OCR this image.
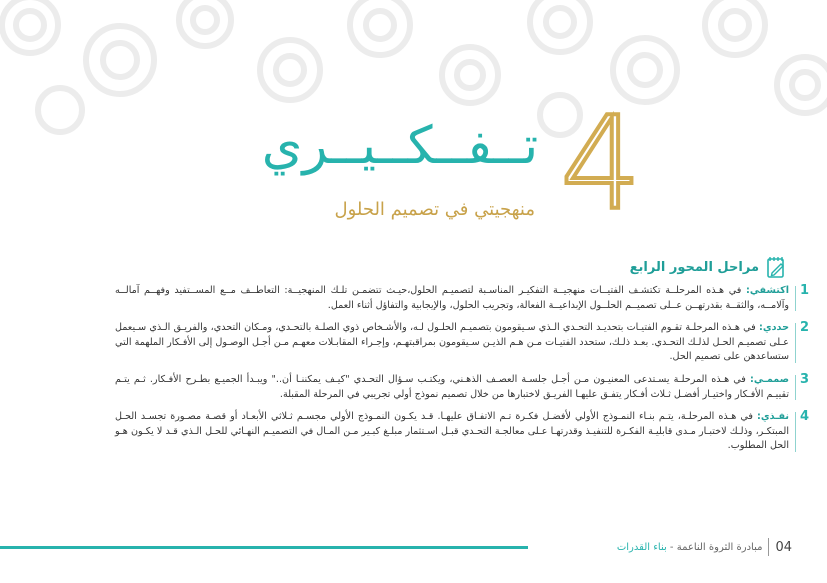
4
تــفــكــيــري
منهجيتي في تصميم الحلول
مراحل المحور الرابع
1
اكتشفي: في هـذه المرحلــة تكتشـف الفتيــات منهجيــة التفكيـر المناسـبة لتصميـم الحلول،حيـث تتضمـن تلـك المنهجيــة: التعاطــف مــع المســتفيد وفهــم آمالــه وآلامــه، والثقــة بقدرتهــن عــلى تصميــم الحلــول الإبداعيــة الفعالة، وتجريب الحلول، والإيجابية والتفاؤل أثناء العمل.
2
حددي: في هـذه المرحلـة تقـوم الفتيـات بتحديـد التحـدي الـذي سـيقومون بتصميـم الحلـول لـه، والأشـخاص ذوي الصلـة بالتحـدي، ومـكان التحدي، والفريـق الـذي سـيعمل عـلى تصميـم الحـل لذلـك التحـدي. بعـد ذلـك، ستحدد الفتيـات مـن هـم الذيـن سـيقومون بمراقبتهـم، وإجـراء المقابـلات معهـم مـن أجـل الوصـول إلى الأفـكار الملهمة التي ستساعدهن على تصميم الحل.
3
صممـي: في هـذه المرحلـة يسـتدعى المعنيـون مـن أجـل جلسـة العصـف الذهـني، ويكتـب سـؤال التحـدي "كيـف يمكننـا أن.." ويبـدأ الجميـع بطـرح الأفـكار. ثـم يتـم تقييـم الأفـكار واختيـار أفضـل ثـلاث أفـكار يتفـق عليهـا الفريـق لاختبارها من خلال تصميم نموذج أولي تجريبي في المرحلة المقبلة.
4
نفـذي: في هـذه المرحلـة، يتـم بنـاء النمـوذج الأولي لأفضـل فكـرة تـم الاتفـاق عليهـا. قـد يكـون النمـوذج الأولي مجسـم ثـلاثي الأبعـاد أو قصـة مصـورة تجسـد الحـل المبتكـر، وذلـك لاختبـار مـدى قابليـة الفكـرة للتنفيـذ وقدرتهـا عـلى معالجـة التحـدي قبـل اسـتثمار مبلـغ كبـير مـن المـال في التصميـم النهـائي للحـل الـذي قـد لا يكـون هـو الحل المطلوب.
04
مبادرة الثروة الناعمة - بناء القدرات
